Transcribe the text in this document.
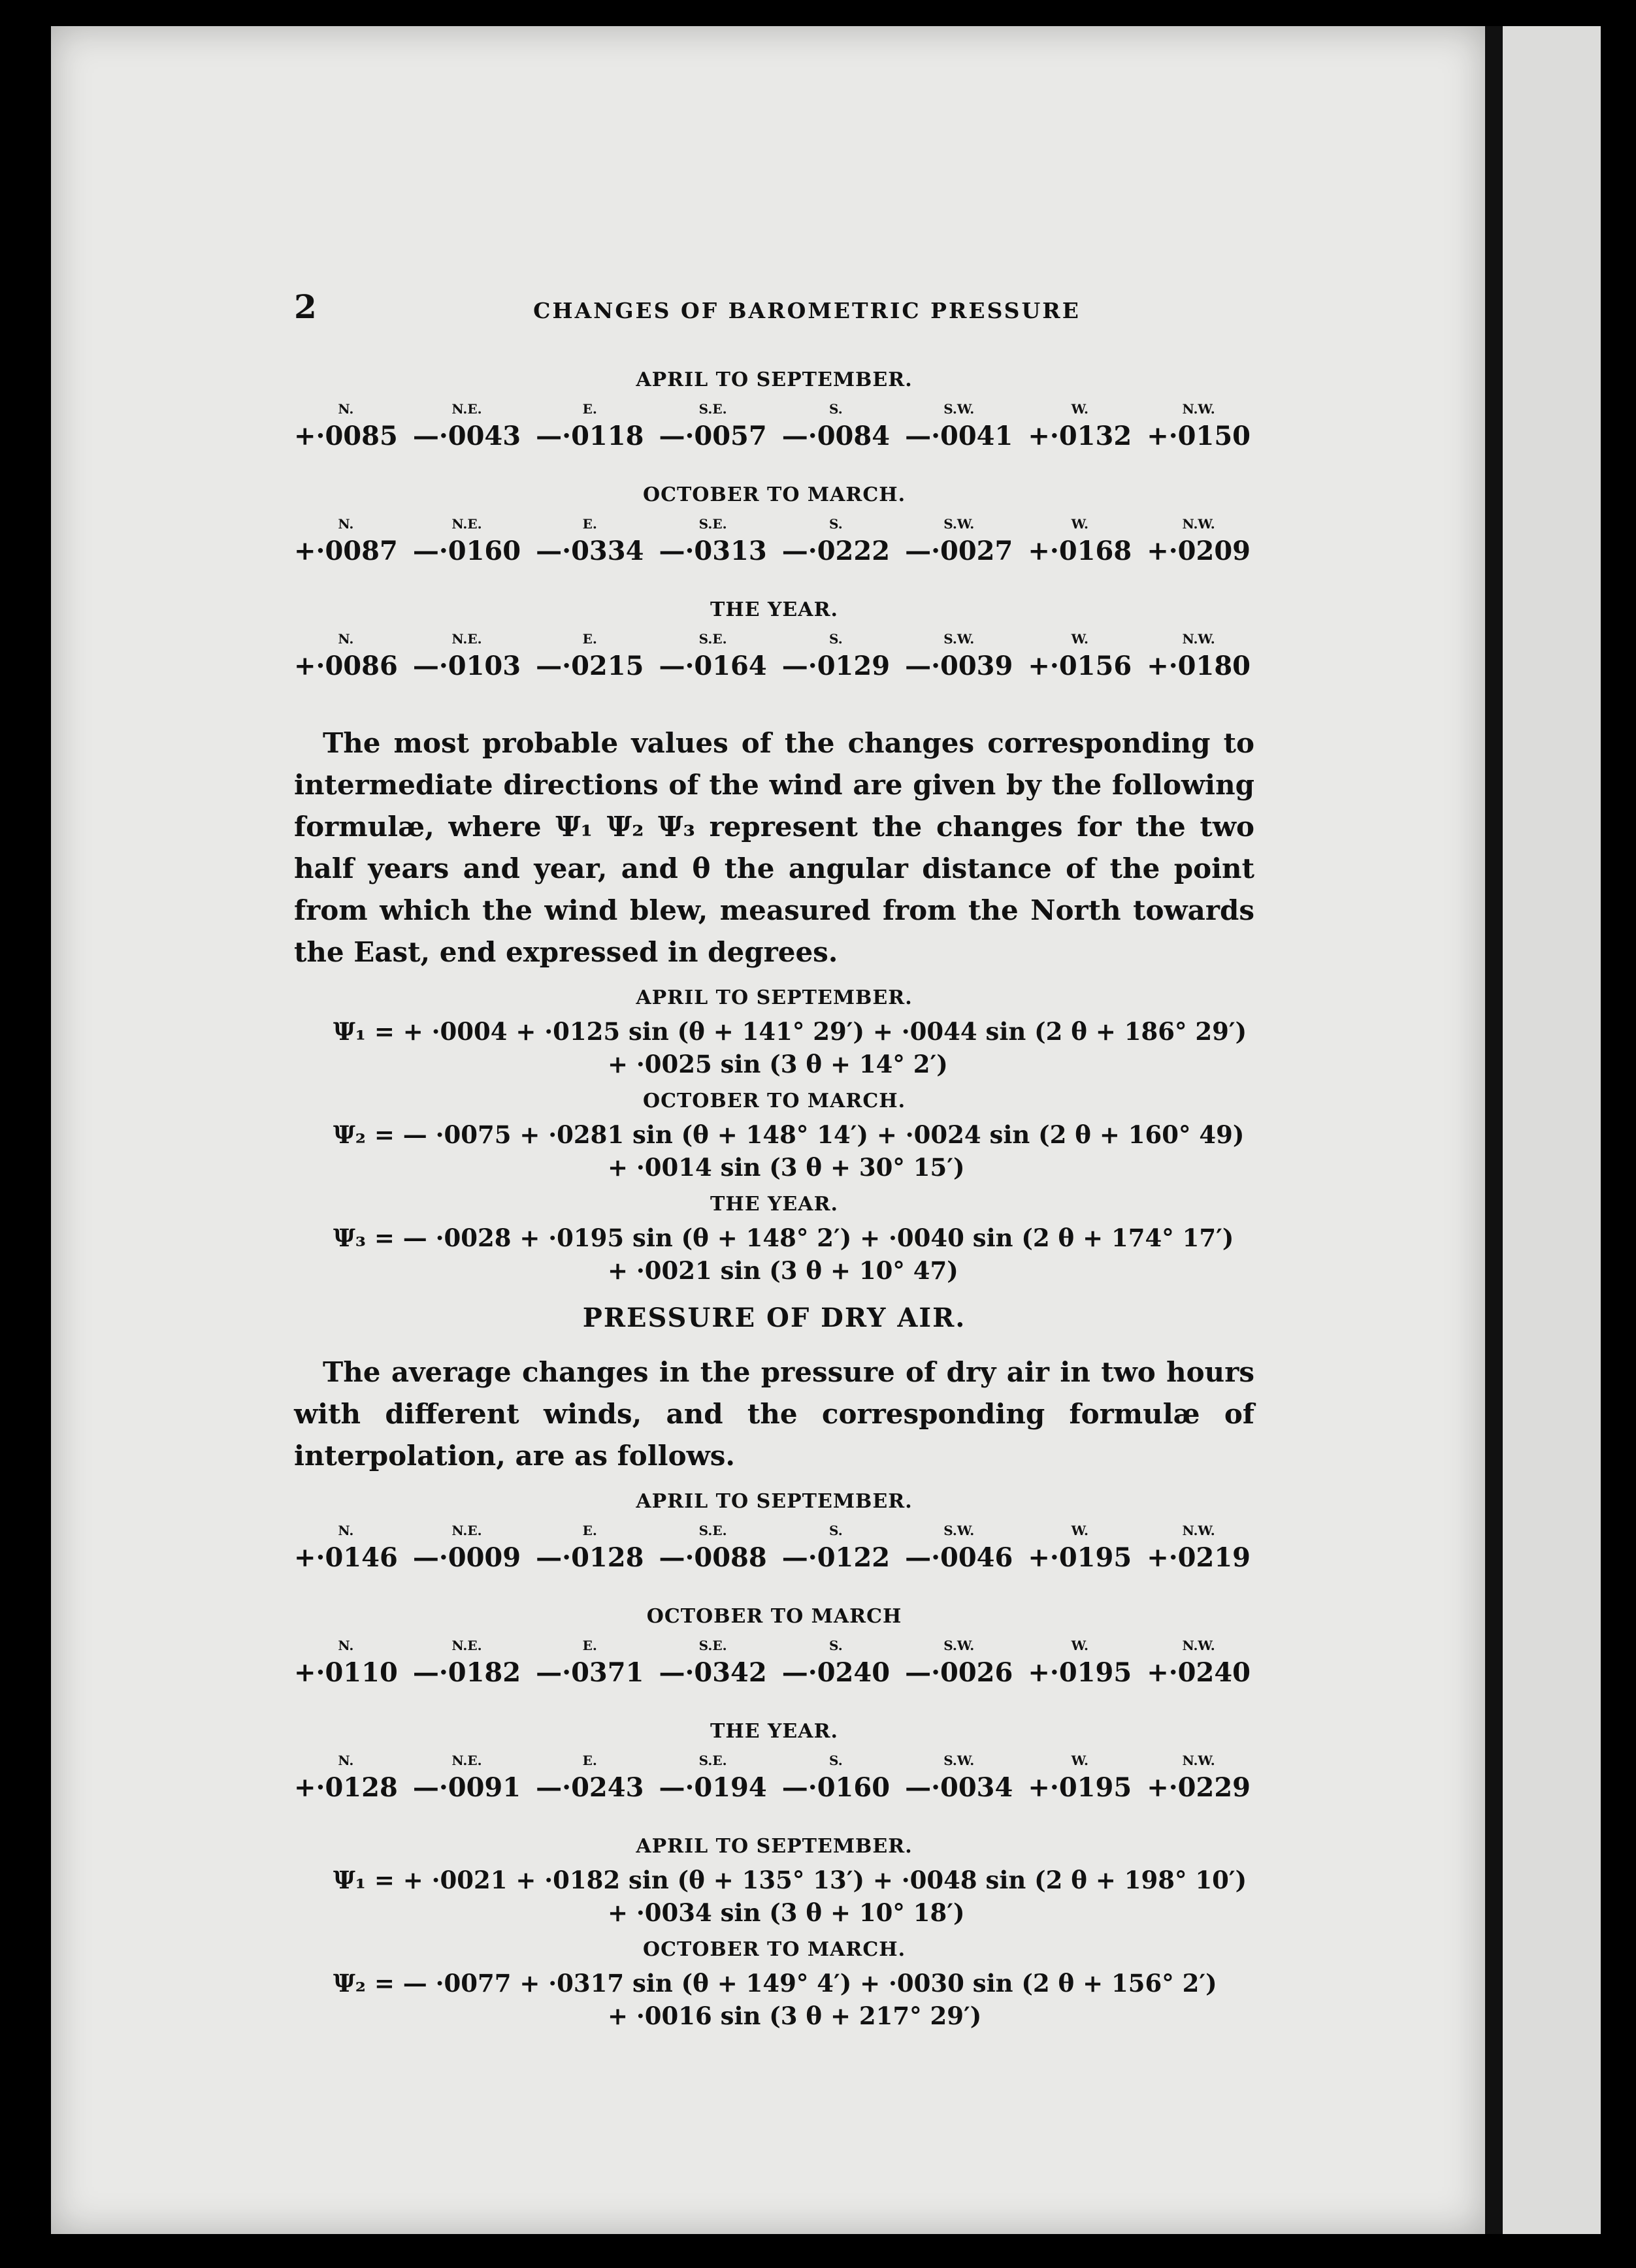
2	CHANGES OF BAROMETRIC PRESSURE
APRIL TO SEPTEMBER.
N.
+·0085
N.E.
—·0043
E.
—·0118
S.E.
—·0057
S.
—·0084
S.W.
—·0041
W.
+·0132
N.W.
+·0150
OCTOBER TO MARCH.
N.
+·0087
N.E.
—·0160
E.
—·0334
S.E.
—·0313
S.
—·0222
S.W.
—·0027
W.
+·0168
N.W.
+·0209
THE YEAR.
N.
+·0086
N.E.
—·0103
E.
—·0215
S.E.
—·0164
S.
—·0129
S.W.
—·0039
W.
+·0156
N.W.
+·0180

The most probable values of the changes corresponding to intermediate directions of the wind are given by the following formulæ, where Ψ₁ Ψ₂ Ψ₃ represent the changes for the two half years and year, and θ the angular distance of the point from which the wind blew, measured from the North towards the East, end expressed in degrees.

APRIL TO SEPTEMBER.
Ψ₁ = + ·0004 + ·0125 sin (θ + 141° 29′) + ·0044 sin (2 θ + 186° 29′)
+ ·0025 sin (3 θ + 14° 2′)
OCTOBER TO MARCH.
Ψ₂ = — ·0075 + ·0281 sin (θ + 148° 14′) + ·0024 sin (2 θ + 160° 49)
+ ·0014 sin (3 θ + 30° 15′)
THE YEAR.
Ψ₃ = — ·0028 + ·0195 sin (θ + 148° 2′) + ·0040 sin (2 θ + 174° 17′)
+ ·0021 sin (3 θ + 10° 47)
PRESSURE OF DRY AIR.

The average changes in the pressure of dry air in two hours with different winds, and the corresponding formulæ of interpolation, are as follows.

APRIL TO SEPTEMBER.
N.
+·0146
N.E.
—·0009
E.
—·0128
S.E.
—·0088
S.
—·0122
S.W.
—·0046
W.
+·0195
N.W.
+·0219
OCTOBER TO MARCH
N.
+·0110
N.E.
—·0182
E.
—·0371
S.E.
—·0342
S.
—·0240
S.W.
—·0026
W.
+·0195
N.W.
+·0240
THE YEAR.
N.
+·0128
N.E.
—·0091
E.
—·0243
S.E.
—·0194
S.
—·0160
S.W.
—·0034
W.
+·0195
N.W.
+·0229
APRIL TO SEPTEMBER.
Ψ₁ = + ·0021 + ·0182 sin (θ + 135° 13′) + ·0048 sin (2 θ + 198° 10′)
+ ·0034 sin (3 θ + 10° 18′)
OCTOBER TO MARCH.
Ψ₂ = — ·0077 + ·0317 sin (θ + 149° 4′) + ·0030 sin (2 θ + 156° 2′)
+ ·0016 sin (3 θ + 217° 29′)
